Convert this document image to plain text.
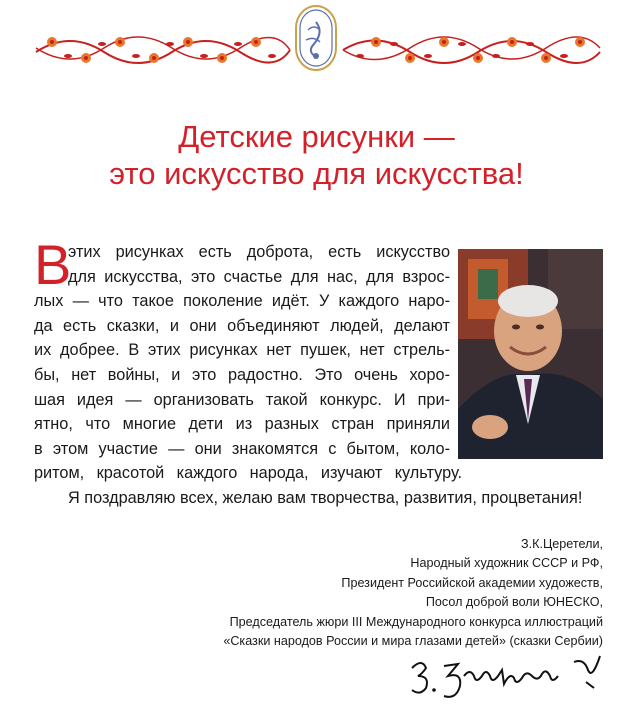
Детские рисунки —
это искусство для искусства!
В
этих рисунках есть доброта, есть искусство
для искусства, это счастье для нас, для взрос-
лых — что такое поколение идёт. У каждого наро-
да есть сказки, и они объединяют людей, делают
их добрее. В этих рисунках нет пушек, нет стрель-
бы, нет войны, и это радостно. Это очень хоро-
шая идея — организовать такой конкурс. И при-
ятно, что многие дети из разных стран приняли
в этом участие — они знакомятся с бытом, коло-
ритом, красотой каждого народа, изучают культуру.
Я поздравляю всех, желаю вам творчества, развития, процветания!
З.К.Церетели,
Народный художник СССР и РФ,
Президент Российской академии художеств,
Посол доброй воли ЮНЕСКО,
Председатель жюри III Международного конкурса иллюстраций
«Сказки народов России и мира глазами детей» (сказки Сербии)
